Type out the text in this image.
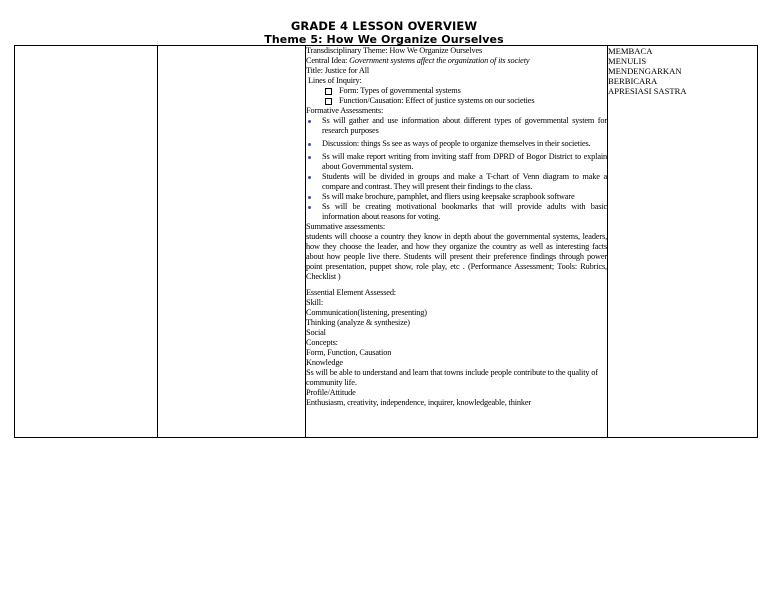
GRADE 4 LESSON OVERVIEW
Theme 5: How We Organize Ourselves

Transdisciplinary Theme: How We Organize Ourselves

Central Idea: Government systems affect the organization of its society

Title: Justice for All

Lines of Inquiry:

Form: Types of governmental systems
Function/Causation: Effect of justice systems on our societies

Formative Assessments:

Ss will gather and use information about different types of governmental system for research purposes
Discussion: things Ss see as ways of people to organize themselves in their societies.
Ss will make report writing from inviting staff from DPRD of Bogor District to explain about Governmental system.
Students will be divided in groups and make a T-chart of Venn diagram to make a compare and contrast. They will present their findings to the class.
Ss will make brochure, pamphlet, and fliers using keepsake scrapbook software
Ss will be creating motivational bookmarks that will provide adults with basic information about reasons for voting.

Summative assessments:

students will choose a country they know in depth about the governmental systems, leaders, how they choose the leader, and how they organize the country as well as interesting facts about how people live there. Students will present their preference findings through power point presentation, puppet show, role play, etc . (Performance Assessment; Tools: Rubrics, Checklist )

Essential Element Assessed:

Skill:

Communication(listening, presenting)

Thinking (analyze & synthesize)

Social

Concepts:

Form, Function, Causation

Knowledge

Ss will be able to understand and learn that towns include people contribute to the quality of community life.

Profile/Attitude

Enthusiasm, creativity, independence, inquirer, knowledgeable, thinker

MEMBACA

MENULIS

MENDENGARKAN

BERBICARA

APRESIASI SASTRA
